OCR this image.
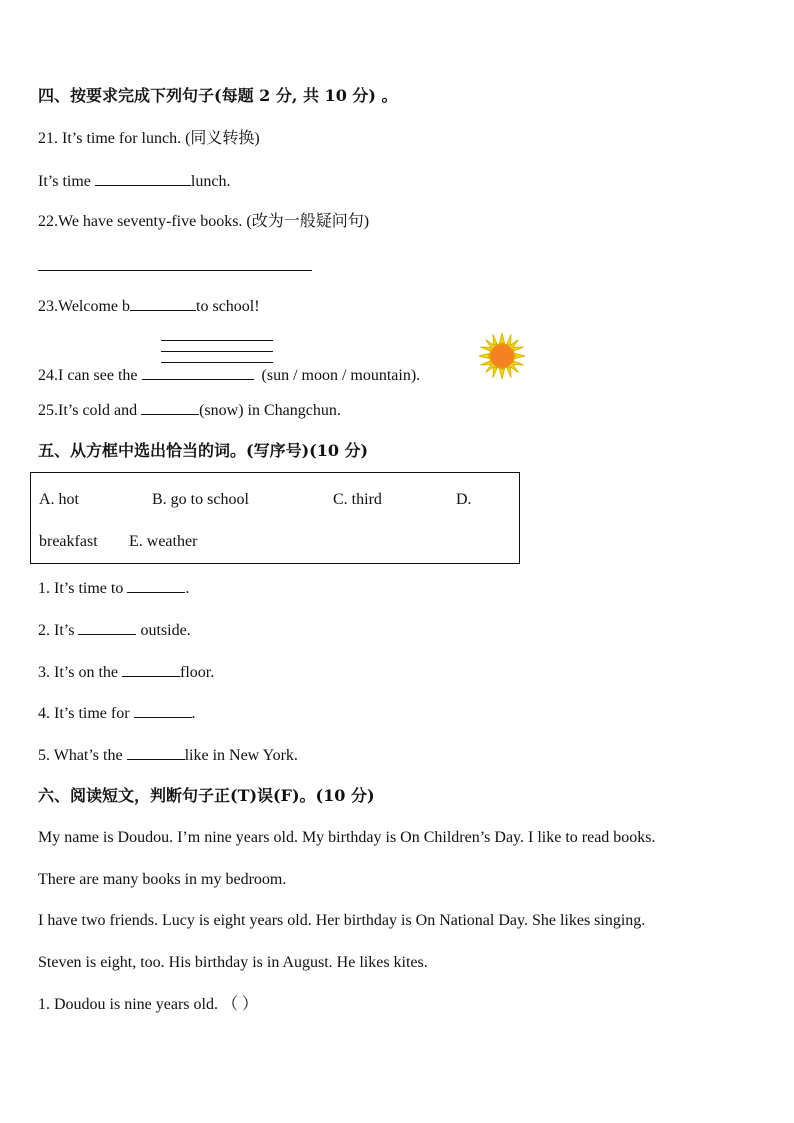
四、按要求完成下列句子(每题 2 分, 共 10 分) 。
21. It’s time for lunch. (同义转换)
It’s time	lunch.
22.We have seventy-five books. (改为一般疑问句)
23.Welcome b	to school!
24.I can see the	(sun / moon / mountain).
25.It’s cold and	(snow) in Changchun.
五、从方框中选出恰当的词。(写序号)(10 分)
A. hot	B. go to school	C. third	D.
breakfast E. weather
1. It’s time to	.
2. It’s	outside.
3. It’s on the	floor.
4. It’s time for	.
5. What’s the	like in New York.
六、阅读短文，判断句子正(T)误(F)。(10 分)
My name is Doudou. I’m nine years old. My birthday is On Children’s Day. I like to read books.
There are many books in my bedroom.
I have two friends. Lucy is eight years old. Her birthday is On National Day. She likes singing.
Steven is eight, too. His birthday is in August. He likes kites.
1. Doudou is nine years old. （ ）
